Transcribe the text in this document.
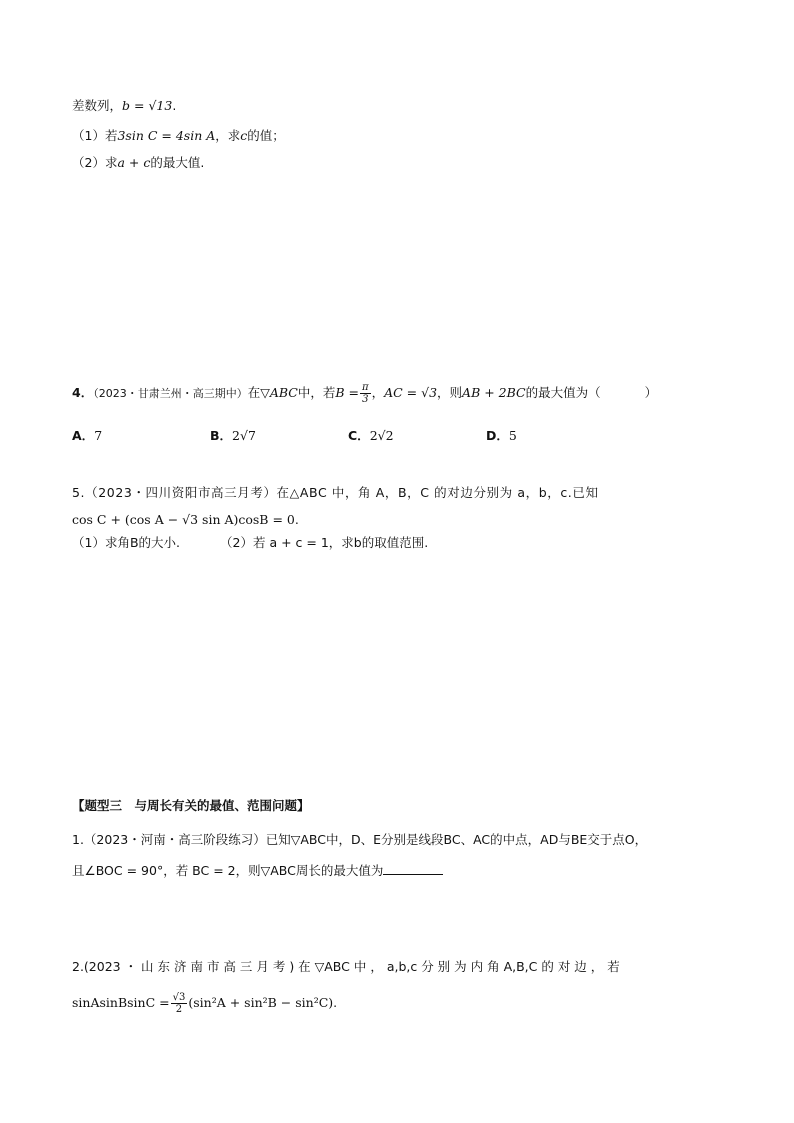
差数列，b = √13.
（1）若3sin C = 4sin A，求c的值；
（2）求a + c的最大值.
4．（2023・甘肃兰州・高三期中）在▽ABC中，若$B = \frac{\pi}{3}$ ，AC = √3，则AB + 2BC的最大值为（	）
A．7	B．2√7	C．2√2	D．5
5.（2023・四川资阳市高三月考）在△ABC 中，角 A，B，C 的对边分别为 a，b，c.已知
cos C + (cos A − √3 sin A)cosB = 0.
（1）求角B的大小.	（2）若 a + c = 1，求b的取值范围.
【题型三　与周长有关的最值、范围问题】
1.（2023・河南・高三阶段练习）已知▽ABC中，D、E分别是线段BC、AC的中点，AD与BE交于点O，
且∠BOC = 90°，若 BC = 2，则▽ABC周长的最大值为
2.(2023 ・ 山 东 济 南 市 高 三 月 考 ) 在 ▽ABC 中 ， a,b,c 分 别 为 内 角 A,B,C 的 对 边 ， 若
sinAsinBsinC = $\frac{√3}{2} (\sin^2A + \sin^2B - \sin^2C)$.
